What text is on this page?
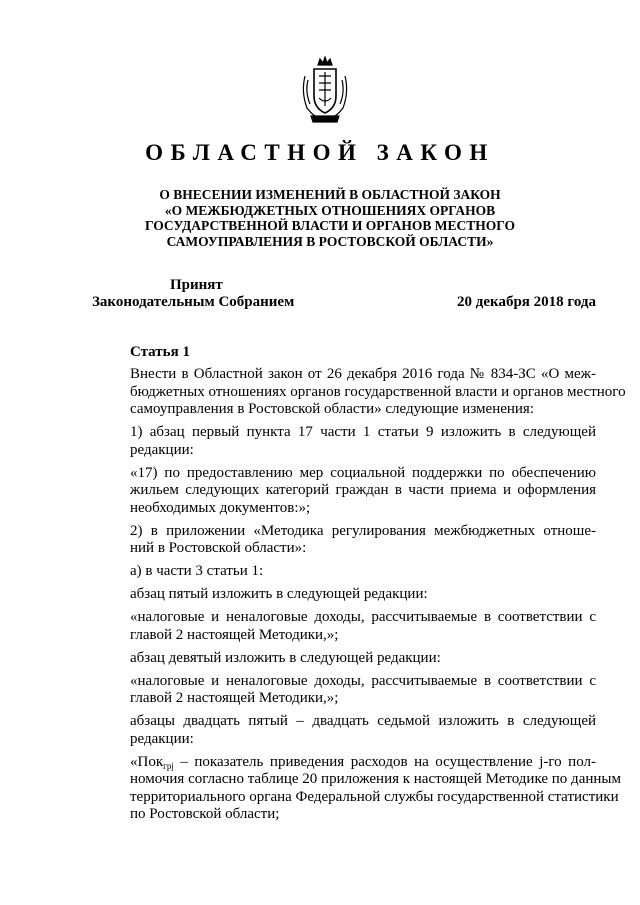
ОБЛАСТНОЙ ЗАКОН
О ВНЕСЕНИИ ИЗМЕНЕНИЙ В ОБЛАСТНОЙ ЗАКОН
«О МЕЖБЮДЖЕТНЫХ ОТНОШЕНИЯХ ОРГАНОВ
ГОСУДАРСТВЕННОЙ ВЛАСТИ И ОРГАНОВ МЕСТНОГО
САМОУПРАВЛЕНИЯ В РОСТОВСКОЙ ОБЛАСТИ»
Принят
Законодательным Собранием	20 декабря 2018 года
Статья 1

Внести в Областной закон от 26 декабря 2016 года № 834-ЗС «О меж-
бюджетных отношениях органов государственной власти и органов местного
самоуправления в Ростовской области» следующие изменения:

1) абзац первый пункта 17 части 1 статьи 9 изложить в следующей
редакции:

«17) по предоставлению мер социальной поддержки по обеспечению
жильем следующих категорий граждан в части приема и оформления
необходимых документов:»;

2) в приложении «Методика регулирования межбюджетных отноше-
ний в Ростовской области»:

а) в части 3 статьи 1:

абзац пятый изложить в следующей редакции:

«налоговые и неналоговые доходы, рассчитываемые в соответствии с
главой 2 настоящей Методики,»;

абзац девятый изложить в следующей редакции:

«налоговые и неналоговые доходы, рассчитываемые в соответствии с
главой 2 настоящей Методики,»;

абзацы двадцать пятый – двадцать седьмой изложить в следующей
редакции:

«Пок$_{грj}$ – показатель приведения расходов на осуществление j-го пол-
номочия согласно таблице 20 приложения к настоящей Методике по данным
территориального органа Федеральной службы государственной статистики
по Ростовской области;
